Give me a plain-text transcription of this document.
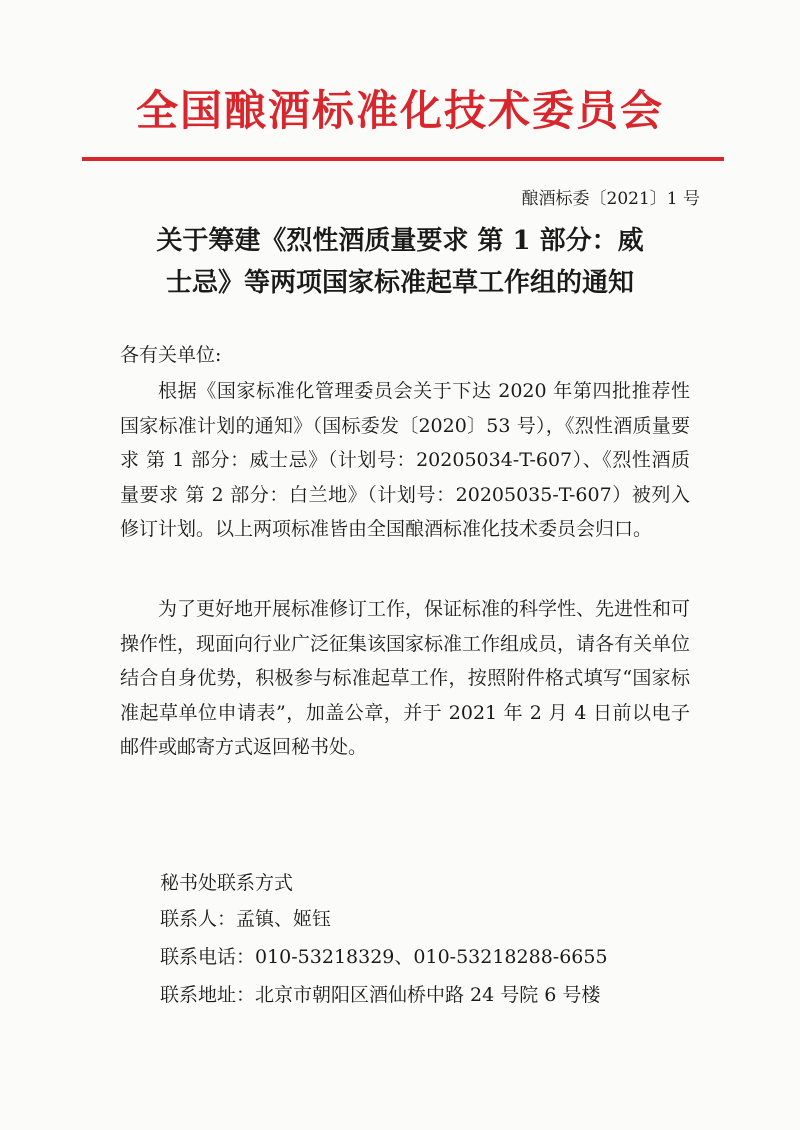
全国酿酒标准化技术委员会
酿酒标委〔2021〕1 号
关于筹建《烈性酒质量要求 第 1 部分：威
士忌》等两项国家标准起草工作组的通知
各有关单位:
根据《国家标准化管理委员会关于下达 2020 年第四批推荐性国家标准计划的通知》（国标委发〔2020〕53 号），《烈性酒质量要求 第 1 部分：威士忌》（计划号：20205034-T-607）、《烈性酒质量要求 第 2 部分：白兰地》（计划号：20205035-T-607）被列入修订计划。以上两项标准皆由全国酿酒标准化技术委员会归口。
为了更好地开展标准修订工作，保证标准的科学性、先进性和可操作性，现面向行业广泛征集该国家标准工作组成员，请各有关单位结合自身优势，积极参与标准起草工作，按照附件格式填写“国家标准起草单位申请表”，加盖公章，并于 2021 年 2 月 4 日前以电子邮件或邮寄方式返回秘书处。
秘书处联系方式
联系人：孟镇、姬钰
联系电话：010-53218329、010-53218288-6655
联系地址：北京市朝阳区酒仙桥中路 24 号院 6 号楼
